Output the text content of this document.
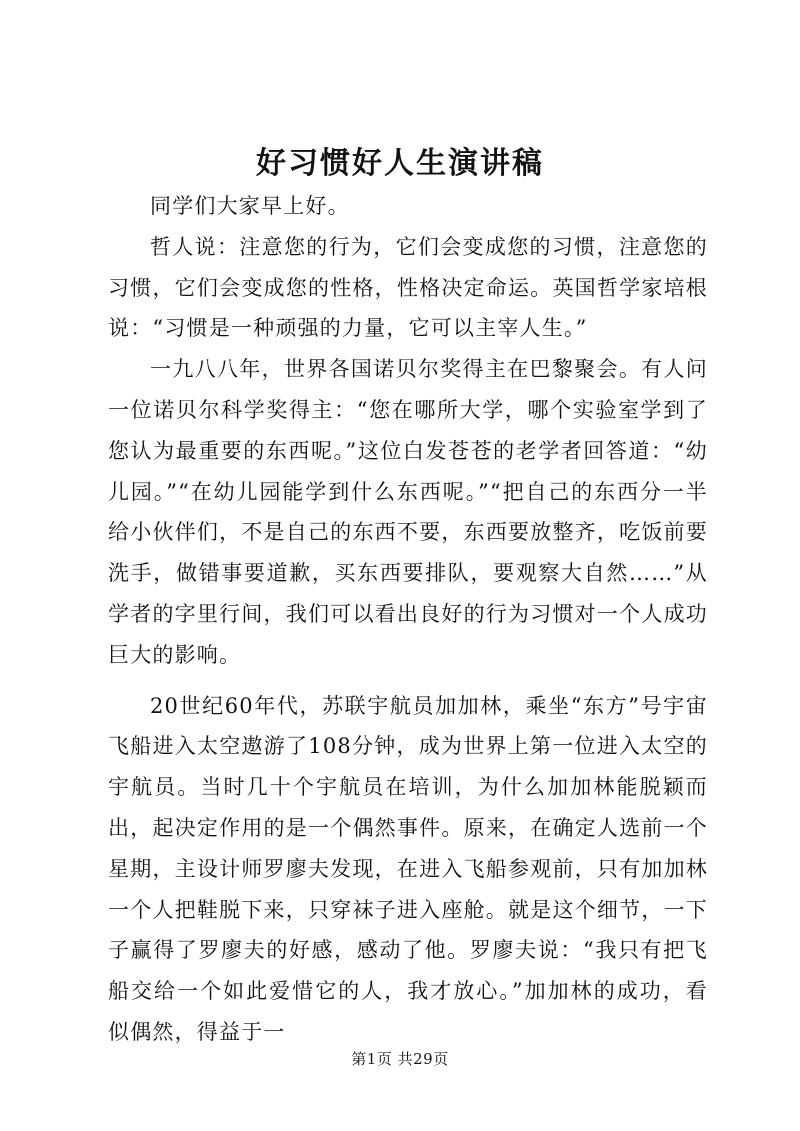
好习惯好人生演讲稿

同学们大家早上好。

哲人说：注意您的行为，它们会变成您的习惯，注意您的习惯，它们会变成您的性格，性格决定命运。英国哲学家培根说：“习惯是一种顽强的力量，它可以主宰人生。”

一九八八年，世界各国诺贝尔奖得主在巴黎聚会。有人问一位诺贝尔科学奖得主：“您在哪所大学，哪个实验室学到了您认为最重要的东西呢。”这位白发苍苍的老学者回答道：“幼儿园。”“在幼儿园能学到什么东西呢。”“把自己的东西分一半给小伙伴们，不是自己的东西不要，东西要放整齐，吃饭前要洗手，做错事要道歉，买东西要排队，要观察大自然……”从学者的字里行间，我们可以看出良好的行为习惯对一个人成功巨大的影响。

20世纪60年代，苏联宇航员加加林，乘坐“东方”号宇宙飞船进入太空遨游了108分钟，成为世界上第一位进入太空的宇航员。当时几十个宇航员在培训，为什么加加林能脱颖而出，起决定作用的是一个偶然事件。原来，在确定人选前一个星期，主设计师罗廖夫发现，在进入飞船参观前，只有加加林一个人把鞋脱下来，只穿袜子进入座舱。就是这个细节，一下子赢得了罗廖夫的好感，感动了他。罗廖夫说：“我只有把飞船交给一个如此爱惜它的人，我才放心。”加加林的成功，看似偶然，得益于一

第1页 共29页
